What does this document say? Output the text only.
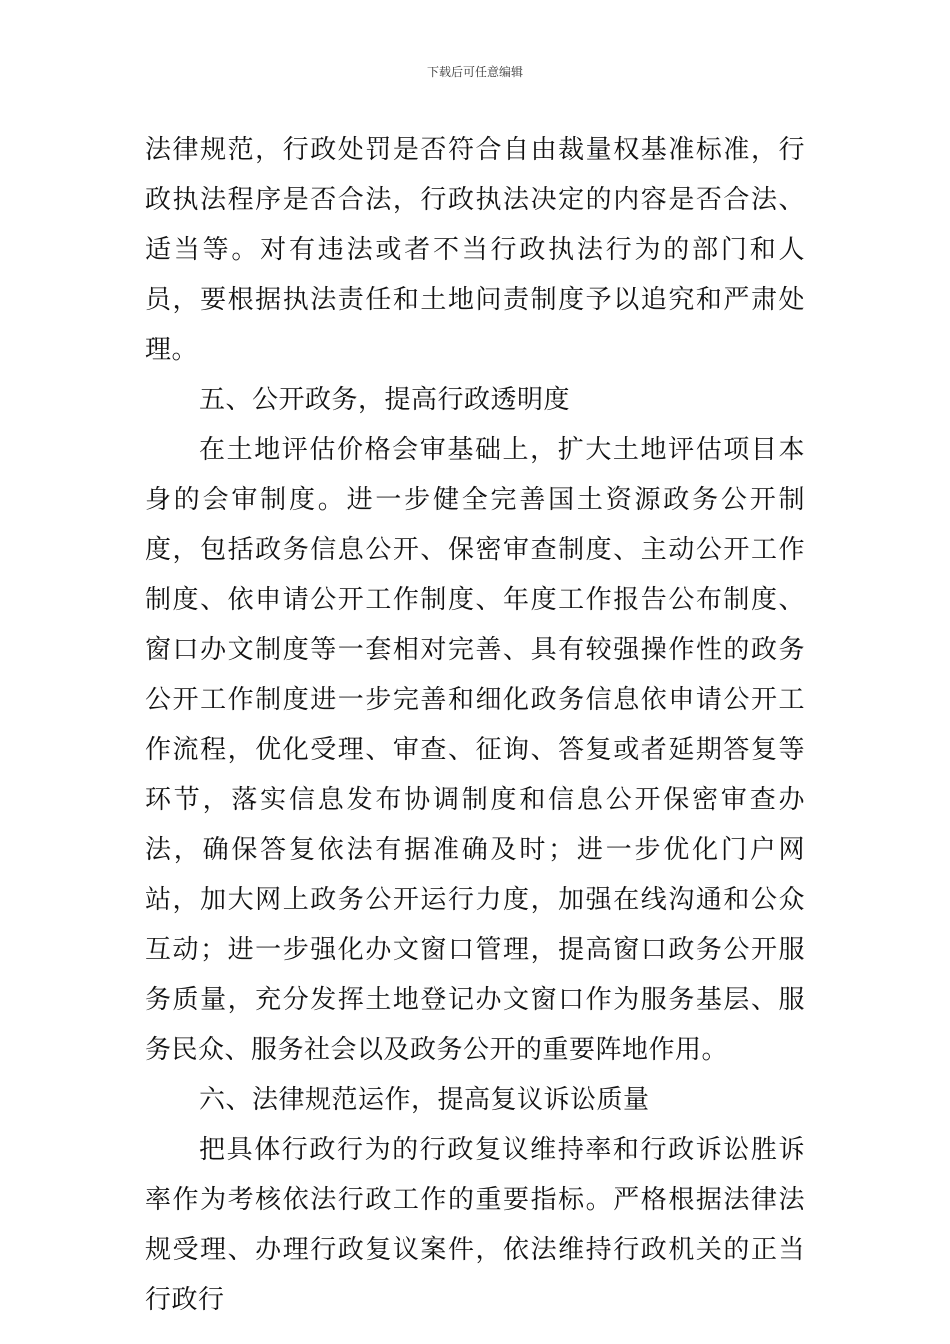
下载后可任意编辑

法律规范，行政处罚是否符合自由裁量权基准标准，行政执法程序是否合法，行政执法决定的内容是否合法、适当等。对有违法或者不当行政执法行为的部门和人员，要根据执法责任和土地问责制度予以追究和严肃处理。

五、公开政务，提高行政透明度

在土地评估价格会审基础上，扩大土地评估项目本身的会审制度。进一步健全完善国土资源政务公开制度，包括政务信息公开、保密审查制度、主动公开工作制度、依申请公开工作制度、年度工作报告公布制度、窗口办文制度等一套相对完善、具有较强操作性的政务公开工作制度进一步完善和细化政务信息依申请公开工作流程，优化受理、审查、征询、答复或者延期答复等环节，落实信息发布协调制度和信息公开保密审查办法，确保答复依法有据准确及时；进一步优化门户网站，加大网上政务公开运行力度，加强在线沟通和公众互动；进一步强化办文窗口管理，提高窗口政务公开服务质量，充分发挥土地登记办文窗口作为服务基层、服务民众、服务社会以及政务公开的重要阵地作用。

六、法律规范运作，提高复议诉讼质量

把具体行政行为的行政复议维持率和行政诉讼胜诉率作为考核依法行政工作的重要指标。严格根据法律法规受理、办理行政复议案件，依法维持行政机关的正当行政行
